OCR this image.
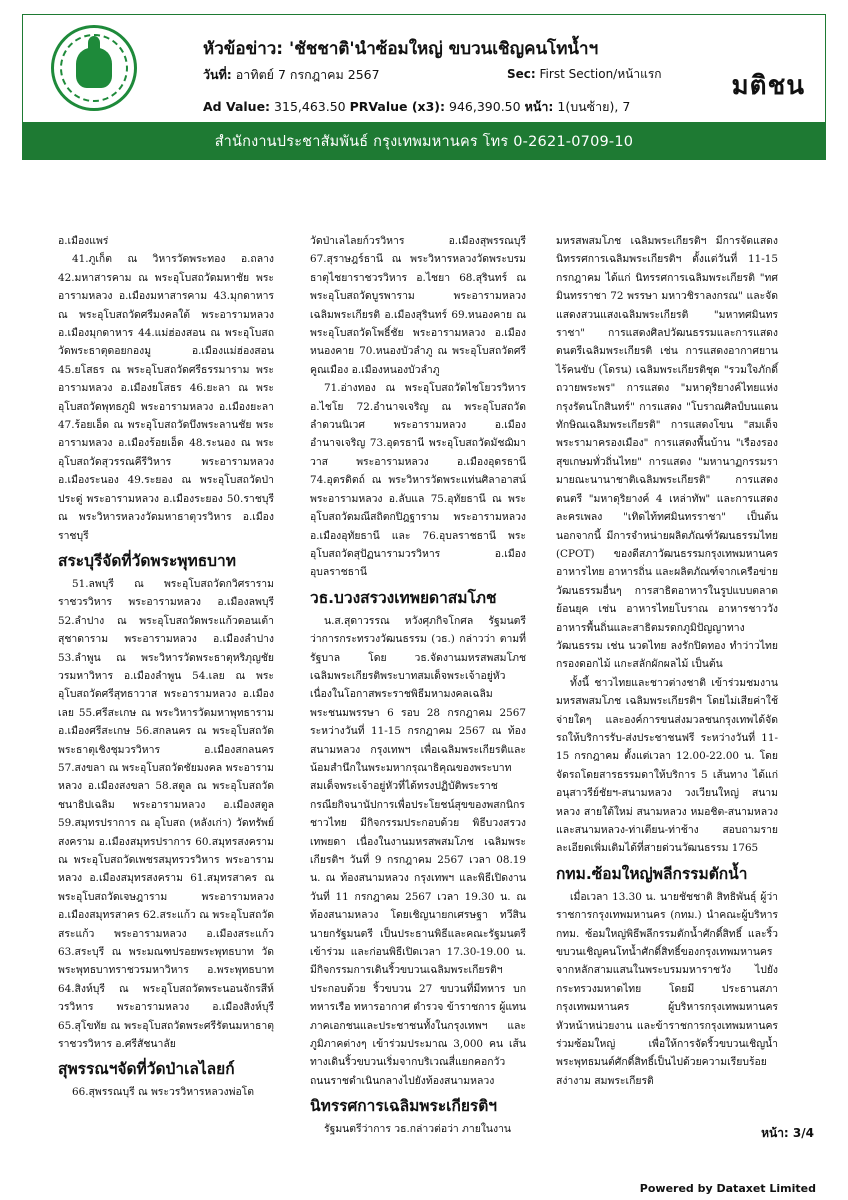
หัวข้อข่าว: 'ชัชชาติ'นำซ้อมใหญ่ ขบวนเชิญคนโทน้ำฯ
วันที่: อาทิตย์ 7 กรกฎาคม 2567	Sec: First Section/หน้าแรก
Ad Value: 315,463.50 PRValue (x3): 946,390.50 หน้า: 1(บนซ้าย), 7
มติชน
สำนักงานประชาสัมพันธ์ กรุงเทพมหานคร โทร 0-2621-0709-10

อ.เมืองแพร่

41.ภูเก็ต ณ วิหารวัดพระทอง อ.ถลาง 42.มหาสารคาม ณ พระอุโบสถวัดมหาชัย พระอารามหลวง อ.เมืองมหาสารคาม 43.มุกดาหาร ณ พระอุโบสถวัดศรีมงคลใต้ พระอารามหลวง อ.เมืองมุกดาหาร 44.แม่ฮ่องสอน ณ พระอุโบสถ วัดพระธาตุดอยกองมู อ.เมืองแม่ฮ่องสอน 45.ยโสธร ณ พระอุโบสถวัดศรีธรรมาราม พระอารามหลวง อ.เมืองยโสธร 46.ยะลา ณ พระอุโบสถวัดพุทธภูมิ พระอารามหลวง อ.เมืองยะลา 47.ร้อยเอ็ด ณ พระอุโบสถวัดบึงพระลานชัย พระอารามหลวง อ.เมืองร้อยเอ็ด 48.ระนอง ณ พระอุโบสถวัดสุวรรณคีรีวิหาร พระอารามหลวง อ.เมืองระนอง 49.ระยอง ณ พระอุโบสถวัดป่าประดู่ พระอารามหลวง อ.เมืองระยอง 50.ราชบุรี ณ พระวิหารหลวงวัดมหาธาตุวรวิหาร อ.เมืองราชบุรี

สระบุรีจัดที่วัดพระพุทธบาท

51.ลพบุรี ณ พระอุโบสถวัดกวิศราราม ราชวรวิหาร พระอารามหลวง อ.เมืองลพบุรี 52.ลำปาง ณ พระอุโบสถวัดพระแก้วดอนเต้าสุชาดาราม พระอารามหลวง อ.เมืองลำปาง 53.ลำพูน ณ พระวิหารวัดพระธาตุหริภุญชัยวรมหาวิหาร อ.เมืองลำพูน 54.เลย ณ พระอุโบสถวัดศรีสุทธาวาส พระอารามหลวง อ.เมืองเลย 55.ศรีสะเกษ ณ พระวิหารวัดมหาพุทธาราม อ.เมืองศรีสะเกษ 56.สกลนคร ณ พระอุโบสถวัดพระธาตุเชิงชุมวรวิหาร อ.เมืองสกลนคร 57.สงขลา ณ พระอุโบสถวัดชัยมงคล พระอารามหลวง อ.เมืองสงขลา 58.สตูล ณ พระอุโบสถวัดชนาธิปเฉลิม พระอารามหลวง อ.เมืองสตูล 59.สมุทรปราการ ณ อุโบสถ (หลังเก่า) วัดทรัพย์สงคราม อ.เมืองสมุทรปราการ 60.สมุทรสงคราม ณ พระอุโบสถวัดเพชรสมุทรวรวิหาร พระอารามหลวง อ.เมืองสมุทรสงคราม 61.สมุทรสาคร ณ พระอุโบสถวัดเจษฎาราม พระอารามหลวง อ.เมืองสมุทรสาคร 62.สระแก้ว ณ พระอุโบสถวัดสระแก้ว พระอารามหลวง อ.เมืองสระแก้ว 63.สระบุรี ณ พระมณฑปรอยพระพุทธบาท วัดพระพุทธบาทราชวรมหาวิหาร อ.พระพุทธบาท 64.สิงห์บุรี ณ พระอุโบสถวัดพระนอนจักรสีห์วรวิหาร พระอารามหลวง อ.เมืองสิงห์บุรี 65.สุโขทัย ณ พระอุโบสถวัดพระศรีรัตนมหาธาตุราชวรวิหาร อ.ศรีสัชนาลัย

สุพรรณฯจัดที่วัดป่าเลไลยก์

66.สุพรรณบุรี ณ พระวรวิหารหลวงพ่อโต

วัดป่าเลไลยก์วรวิหาร อ.เมืองสุพรรณบุรี 67.สุราษฎร์ธานี ณ พระวิหารหลวงวัดพระบรมธาตุไชยาราชวรวิหาร อ.ไชยา 68.สุรินทร์ ณ พระอุโบสถวัดบูรพาราม พระอารามหลวง เฉลิมพระเกียรติ อ.เมืองสุรินทร์ 69.หนองคาย ณ พระอุโบสถวัดโพธิ์ชัย พระอารามหลวง อ.เมืองหนองคาย 70.หนองบัวลำภู ณ พระอุโบสถวัดศรีคูณเมือง อ.เมืองหนองบัวลำภู

71.อ่างทอง ณ พระอุโบสถวัดไชโยวรวิหาร อ.ไชโย 72.อำนาจเจริญ ณ พระอุโบสถวัดลำดวนนิเวศ พระอารามหลวง อ.เมืองอำนาจเจริญ 73.อุดรธานี พระอุโบสถวัดมัชฌิมาวาส พระอารามหลวง อ.เมืองอุดรธานี 74.อุตรดิตถ์ ณ พระวิหารวัดพระแท่นศิลาอาสน์ พระอารามหลวง อ.ลับแล 75.อุทัยธานี ณ พระอุโบสถวัดมณีสถิตกปิฎฐาราม พระอารามหลวง อ.เมืองอุทัยธานี และ 76.อุบลราชธานี พระอุโบสถวัดสุปัฏนารามวรวิหาร อ.เมืองอุบลราชธานี

วธ.บวงสรวงเทพยดาสมโภช

น.ส.สุดาวรรณ หวังศุภกิจโกศล รัฐมนตรีว่าการกระทรวงวัฒนธรรม (วธ.) กล่าวว่า ตามที่รัฐบาล โดย วธ.จัดงานมหรสพสมโภชเฉลิมพระเกียรติพระบาทสมเด็จพระเจ้าอยู่หัว เนื่องในโอกาสพระราชพิธีมหามงคลเฉลิมพระชนมพรรษา 6 รอบ 28 กรกฎาคม 2567 ระหว่างวันที่ 11-15 กรกฎาคม 2567 ณ ท้องสนามหลวง กรุงเทพฯ เพื่อเฉลิมพระเกียรติและน้อมสำนึกในพระมหากรุณาธิคุณของพระบาทสมเด็จพระเจ้าอยู่หัวที่ได้ทรงปฏิบัติพระราชกรณียกิจนานัปการเพื่อประโยชน์สุขของพสกนิกรชาวไทย มีกิจกรรมประกอบด้วย พิธีบวงสรวงเทพยดา เนื่องในงานมหรสพสมโภช เฉลิมพระเกียรติฯ วันที่ 9 กรกฎาคม 2567 เวลา 08.19 น. ณ ท้องสนามหลวง กรุงเทพฯ และพิธีเปิดงานวันที่ 11 กรกฎาคม 2567 เวลา 19.30 น. ณ ท้องสนามหลวง โดยเชิญนายกเศรษฐา ทวีสิน นายกรัฐมนตรี เป็นประธานพิธีและคณะรัฐมนตรีเข้าร่วม และก่อนพิธีเปิดเวลา 17.30-19.00 น. มีกิจกรรมการเดินริ้วขบวนเฉลิมพระเกียรติฯ ประกอบด้วย ริ้วขบวน 27 ขบวนที่มีทหาร บก ทหารเรือ ทหารอากาศ ตำรวจ ข้าราชการ ผู้แทนภาคเอกชนและประชาชนทั้งในกรุงเทพฯ และภูมิภาคต่างๆ เข้าร่วมประมาณ 3,000 คน เส้นทางเดินริ้วขบวนเริ่มจากบริเวณสี่แยกคอกวัว ถนนราชดำเนินกลางไปยังท้องสนามหลวง

นิทรรศการเฉลิมพระเกียรติฯ

รัฐมนตรีว่าการ วธ.กล่าวต่อว่า ภายในงาน

มหรสพสมโภช เฉลิมพระเกียรติฯ มีการจัดแสดงนิทรรศการเฉลิมพระเกียรติฯ ตั้งแต่วันที่ 11-15 กรกฎาคม ได้แก่ นิทรรศการเฉลิมพระเกียรติ "ทศมินทรราชา 72 พรรษา มหาวชิราลงกรณ" และจัดแสดงสวนแสงเฉลิมพระเกียรติ "มหาทศมินทรราชา" การแสดงศิลปวัฒนธรรมและการแสดงดนตรีเฉลิมพระเกียรติ เช่น การแสดงอากาศยานไร้คนขับ (โดรน) เฉลิมพระเกียรติชุด "รวมใจภักดิ์ ถวายพระพร" การแสดง "มหาดุริยางค์ไทยแห่งกรุงรัตนโกสินทร์" การแสดง "โบราณศิลป์บนแดนทักษิณเฉลิมพระเกียรติ" การแสดงโขน "สมเด็จพระรามาครองเมือง" การแสดงพื้นบ้าน "เรืองรองสุขเกษมทั่วถิ่นไทย" การแสดง "มหานาฏกรรมรามายณะนานาชาติเฉลิมพระเกียรติ" การแสดงดนตรี "มหาดุริยางค์ 4 เหล่าทัพ" และการแสดงละครเพลง "เทิดไท้ทศมินทรราชา" เป็นต้น นอกจากนี้ มีการจำหน่ายผลิตภัณฑ์วัฒนธรรมไทย (CPOT) ของดีสภาวัฒนธรรมกรุงเทพมหานคร อาหารไทย อาหารถิ่น และผลิตภัณฑ์จากเครือข่ายวัฒนธรรมอื่นๆ การสาธิตอาหารในรูปแบบตลาดย้อนยุค เช่น อาหารไทยโบราณ อาหารชาววัง อาหารพื้นถิ่นและสาธิตมรดกภูมิปัญญาทางวัฒนธรรม เช่น นวดไทย ลงรักปิดทอง ทำว่าวไทย กรองดอกไม้ แกะสลักผักผลไม้ เป็นต้น

ทั้งนี้ ชาวไทยและชาวต่างชาติ เข้าร่วมชมงานมหรสพสมโภช เฉลิมพระเกียรติฯ โดยไม่เสียค่าใช้จ่ายใดๆ และองค์การขนส่งมวลชนกรุงเทพได้จัดรถให้บริการรับ-ส่งประชาชนฟรี ระหว่างวันที่ 11-15 กรกฎาคม ตั้งแต่เวลา 12.00-22.00 น. โดยจัดรถโดยสารธรรมดาให้บริการ 5 เส้นทาง ได้แก่ อนุสาวรีย์ชัยฯ-สนามหลวง วงเวียนใหญ่ สนามหลวง สายใต้ใหม่ สนามหลวง หมอชิต-สนามหลวง และสนามหลวง-ท่าเตียน-ท่าช้าง สอบถามรายละเอียดเพิ่มเติมได้ที่สายด่วนวัฒนธรรม 1765

กทม.ซ้อมใหญ่พลีกรรมตักน้ำ

เมื่อเวลา 13.30 น. นายชัชชาติ สิทธิพันธุ์ ผู้ว่าราชการกรุงเทพมหานคร (กทม.) นำคณะผู้บริหาร กทม. ซ้อมใหญ่พิธีพลีกรรมตักน้ำศักดิ์สิทธิ์ และริ้วขบวนเชิญคนโทน้ำศักดิ์สิทธิ์ของกรุงเทพมหานคร จากหลักสามแสนในพระบรมมหาราชวัง ไปยังกระทรวงมหาดไทย โดยมี ประธานสภากรุงเทพมหานคร ผู้บริหารกรุงเทพมหานคร หัวหน้าหน่วยงาน และข้าราชการกรุงเทพมหานคร ร่วมซ้อมใหญ่ เพื่อให้การจัดริ้วขบวนเชิญน้ำพระพุทธมนต์ศักดิ์สิทธิ์เป็นไปด้วยความเรียบร้อย สง่างาม สมพระเกียรติ

หน้า: 3/4
Powered by Dataxet Limited
